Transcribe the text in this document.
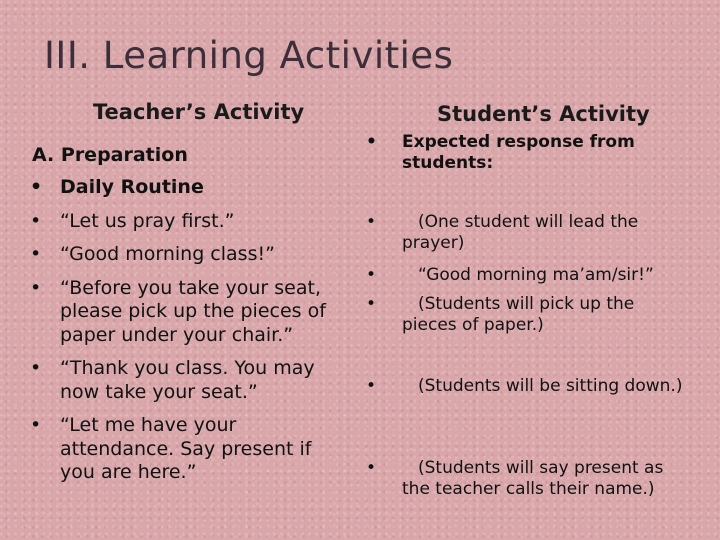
III. Learning Activities
Teacher’s Activity	Student’s Activity
A. Preparation
• Daily Routine
• “Let us pray first.”
• “Good morning class!”
• “Before you take your seat, please pick up the pieces of paper under your chair.”
• “Thank you class. You may now take your seat.”
• “Let me have your attendance. Say present if you are here.”
• Expected response from students:
•	(One student will lead the prayer)
•	“Good morning ma’am/sir!”
•	(Students will pick up the pieces of paper.)
•	(Students will be sitting down.)
•	(Students will say present as the teacher calls their name.)
